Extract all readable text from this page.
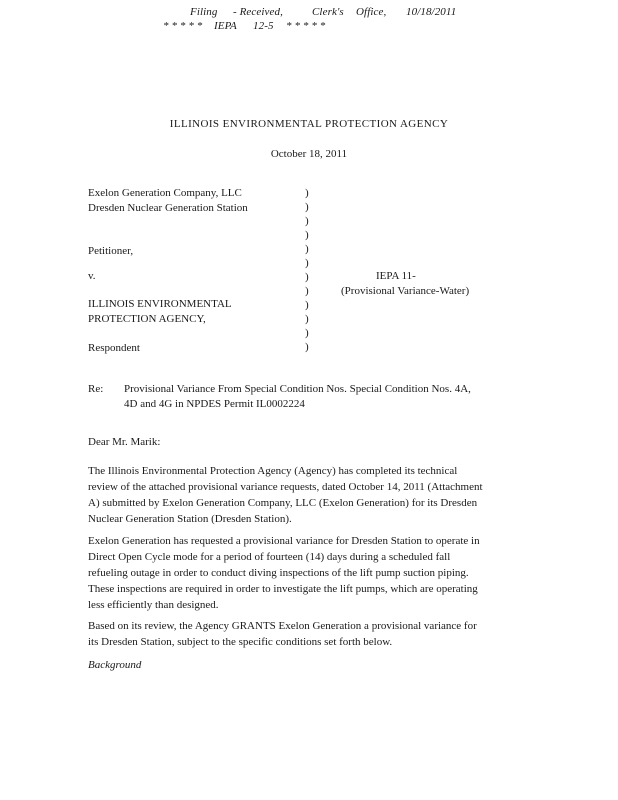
Filing - Received,	Clerk's Office, 10/18/2011
* * * * * IEPA 12-5 * * * * *
ILLINOIS ENVIRONMENTAL PROTECTION AGENCY
October 18, 2011
Exelon Generation Company, LLC
Dresden Nuclear Generation Station
Petitioner,
v.
ILLINOIS ENVIRONMENTAL
PROTECTION AGENCY,
Respondent
)
)
)
)
)
)
)
)
)
)
)
)
IEPA 11-
(Provisional Variance-Water)
Re: Provisional Variance From Special Condition Nos. Special Condition Nos. 4A,
4D and 4G in NPDES Permit IL0002224
Dear Mr. Marik:
The Illinois Environmental Protection Agency (Agency) has completed its technical
review of the attached provisional variance requests, dated October 14, 2011 (Attachment
A) submitted by Exelon Generation Company, LLC (Exelon Generation) for its Dresden
Nuclear Generation Station (Dresden Station).
Exelon Generation has requested a provisional variance for Dresden Station to operate in
Direct Open Cycle mode for a period of fourteen (14) days during a scheduled fall
refueling outage in order to conduct diving inspections of the lift pump suction piping.
These inspections are required in order to investigate the lift pumps, which are operating
less efficiently than designed.
Based on its review, the Agency GRANTS Exelon Generation a provisional variance for
its Dresden Station, subject to the specific conditions set forth below.
Background
